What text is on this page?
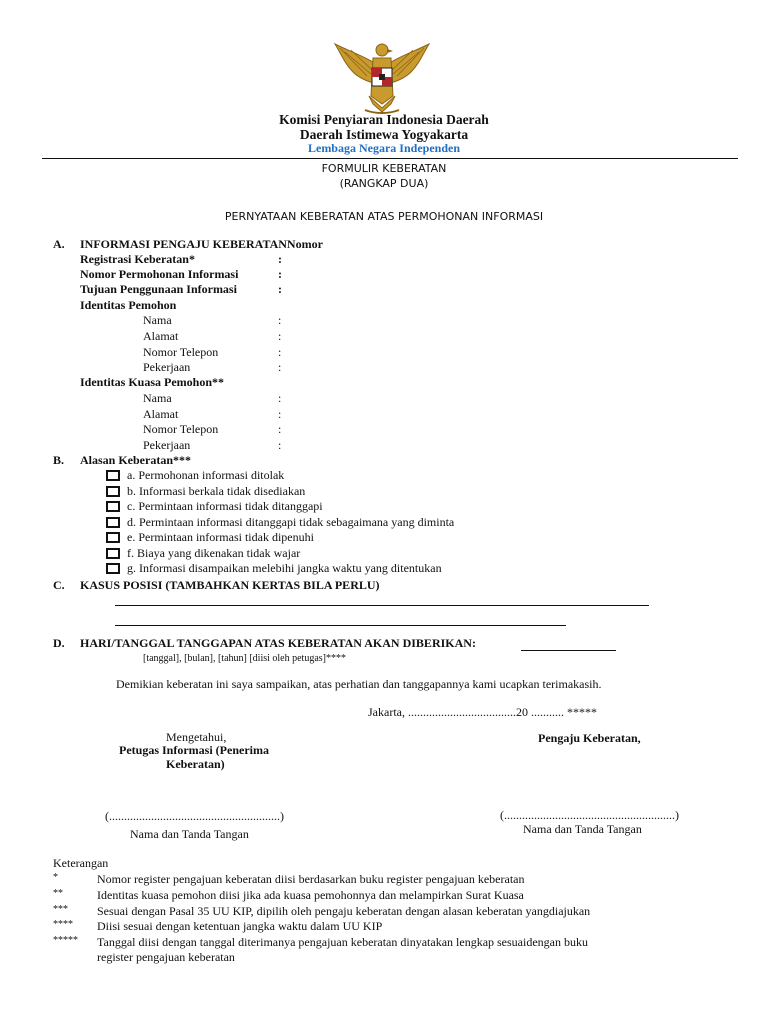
Komisi Penyiaran Indonesia Daerah
Daerah Istimewa Yogyakarta
Lembaga Negara Independen
FORMULIR KEBERATAN
(RANGKAP DUA)
PERNYATAAN KEBERATAN ATAS PERMOHONAN INFORMASI
A. INFORMASI PENGAJU KEBERATANNomor
Registrasi Keberatan*	:
Nomor Permohonan Informasi	:
Tujuan Penggunaan Informasi	:
Identitas Pemohon
Nama	:
Alamat	:
Nomor Telepon	:
Pekerjaan	:
Identitas Kuasa Pemohon**
Nama	:
Alamat	:
Nomor Telepon	:
Pekerjaan	:
B. Alasan Keberatan***
a. Permohonan informasi ditolak
b. Informasi berkala tidak disediakan
c. Permintaan informasi tidak ditanggapi
d. Permintaan informasi ditanggapi tidak sebagaimana yang diminta
e. Permintaan informasi tidak dipenuhi
f. Biaya yang dikenakan tidak wajar
g. Informasi disampaikan melebihi jangka waktu yang ditentukan
C. KASUS POSISI (TAMBAHKAN KERTAS BILA PERLU)
D. HARI/TANGGAL TANGGAPAN ATAS KEBERATAN AKAN DIBERIKAN:
[tanggal], [bulan], [tahun] [diisi oleh petugas]****
Demikian keberatan ini saya sampaikan, atas perhatian dan tanggapannya kami ucapkan terimakasih.
Jakarta, ....................................20 ........... *****
Mengetahui,
Petugas Informasi (Penerima
Keberatan)
Pengaju Keberatan,
(.........................................................)
Nama dan Tanda Tangan
(.........................................................)
Nama dan Tanda Tangan
Keterangan
*	Nomor register pengajuan keberatan diisi berdasarkan buku register pengajuan keberatan
**	Identitas kuasa pemohon diisi jika ada kuasa pemohonnya dan melampirkan Surat Kuasa
*** Sesuai dengan Pasal 35 UU KIP, dipilih oleh pengaju keberatan dengan alasan keberatan yangdiajukan
**** Diisi sesuai dengan ketentuan jangka waktu dalam UU KIP
***** Tanggal diisi dengan tanggal diterimanya pengajuan keberatan dinyatakan lengkap sesuaidengan buku
register pengajuan keberatan
